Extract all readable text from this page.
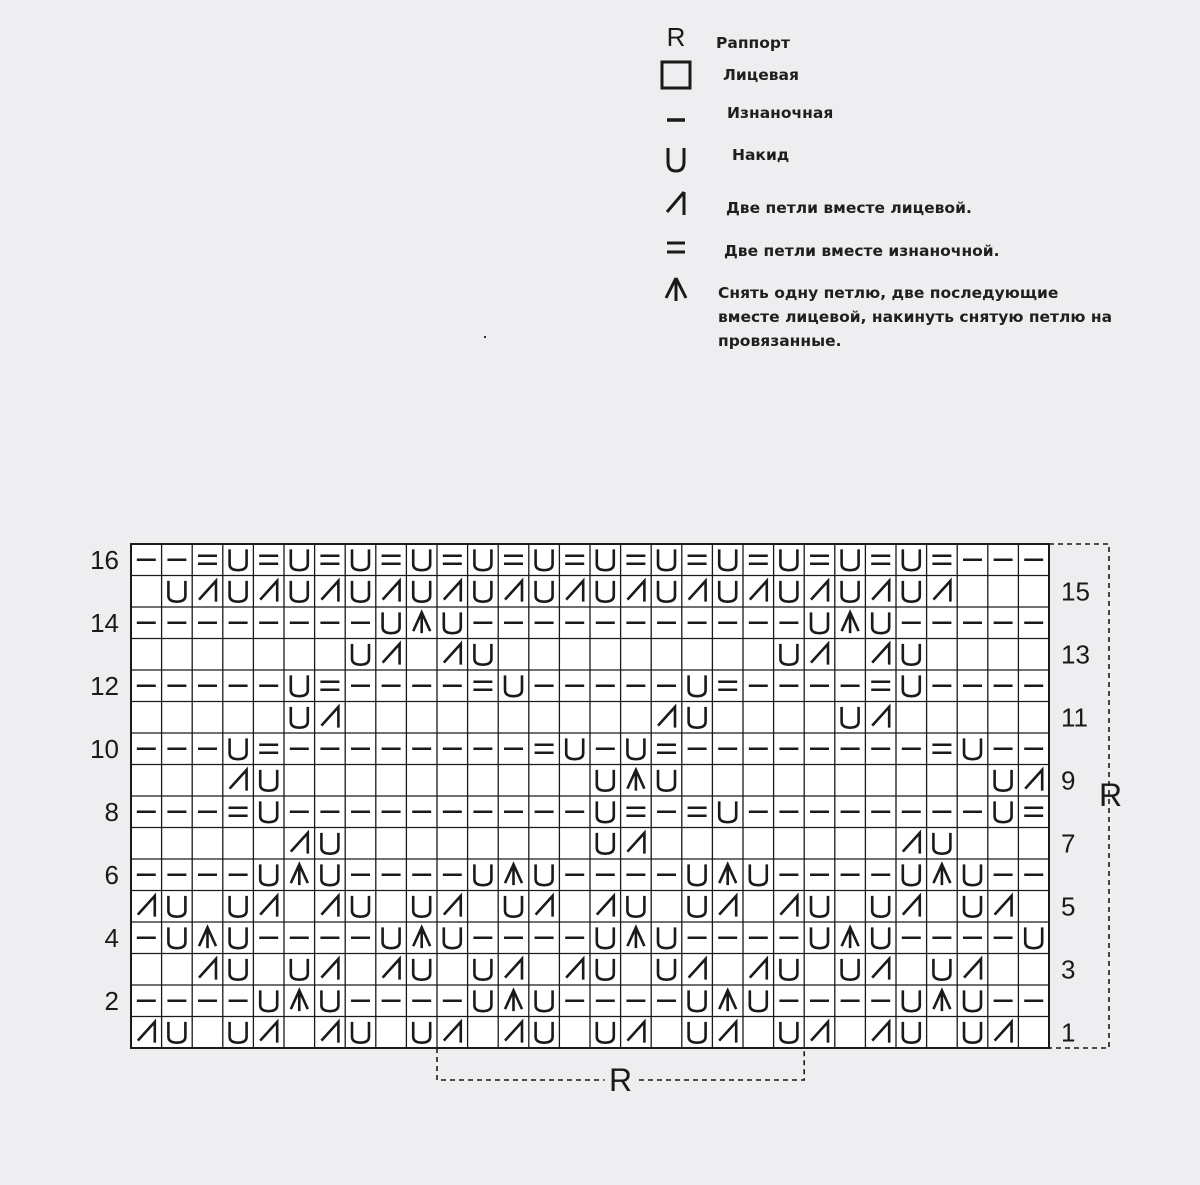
R Раппорт
Лицевая
Изнаночная
Накид
Две петли вместе лицевой.
Две петли вместе изнаночной.
Снять одну петлю, две последующие вместе лицевой, накинуть снятую петлю на провязанные.
16
14
12
10
8
6
4
2
15
13
11
9
7
5
3
1
R
R
